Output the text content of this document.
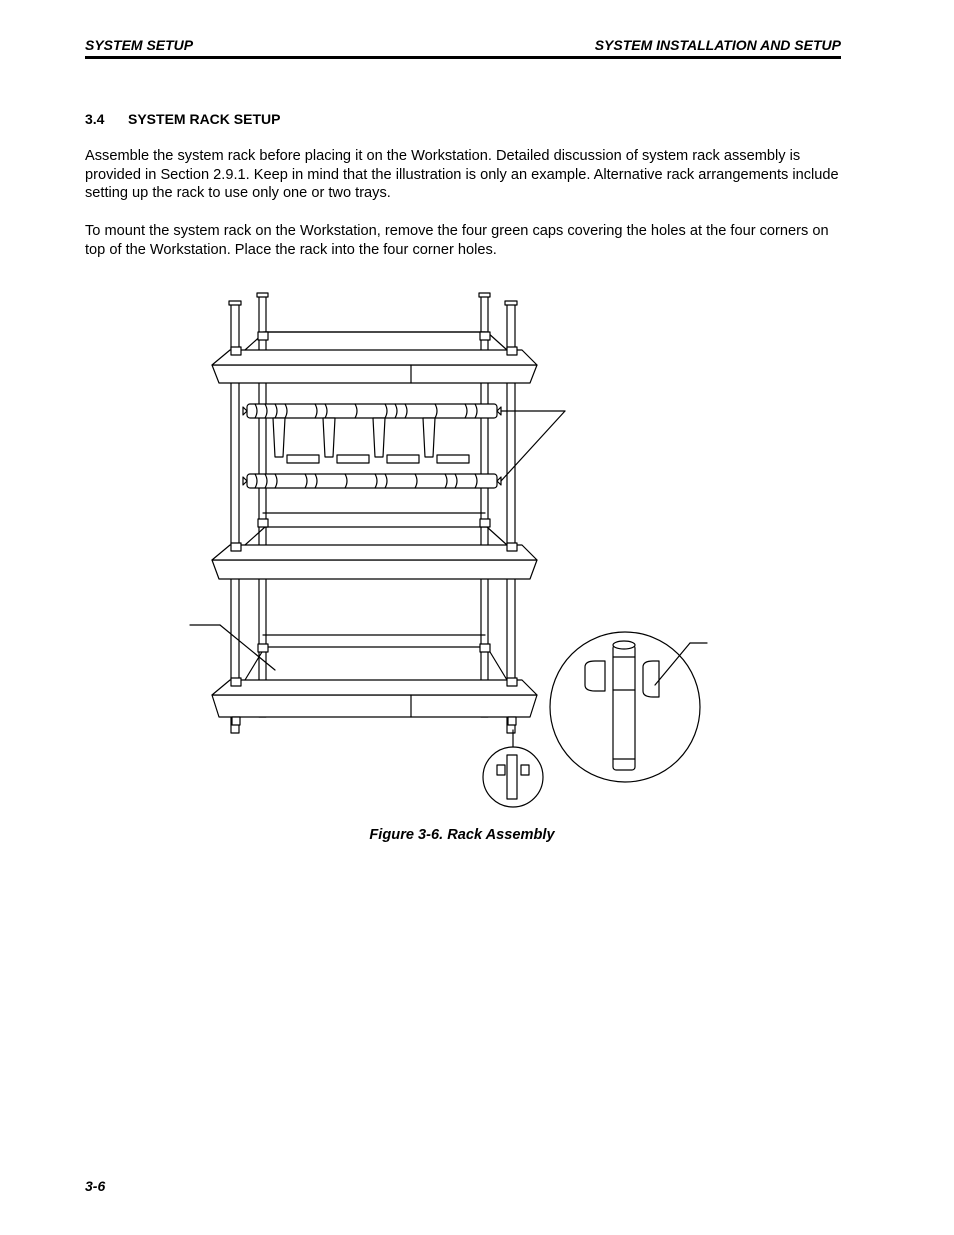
SYSTEM SETUP	SYSTEM INSTALLATION AND SETUP
3.4 SYSTEM RACK SETUP

Assemble the system rack before placing it on the Workstation. Detailed discussion of system rack assembly is provided in Section 2.9.1. Keep in mind that the illustration is only an example. Alternative rack arrangements include setting up the rack to use only one or two trays.

To mount the system rack on the Workstation, remove the four green caps covering the holes at the four corners on top of the Workstation. Place the rack into the four corner holes.

Figure 3-6. Rack Assembly
3-6
